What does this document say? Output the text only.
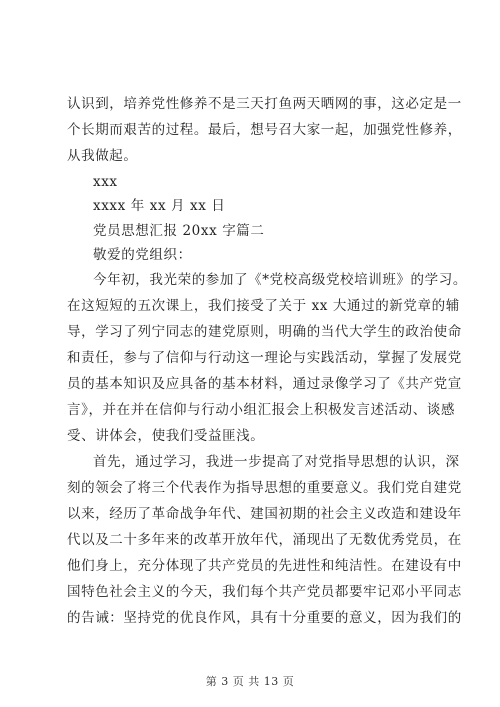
认识到，培养党性修养不是三天打鱼两天晒网的事，这必定是一
个长期而艰苦的过程。最后，想号召大家一起，加强党性修养，
从我做起。
xxx
xxxx 年 xx 月 xx 日
党员思想汇报 20xx 字篇二
敬爱的党组织：
今年初，我光荣的参加了《*党校高级党校培训班》的学习。
在这短短的五次课上，我们接受了关于 xx 大通过的新党章的辅
导，学习了列宁同志的建党原则，明确的当代大学生的政治使命
和责任，参与了信仰与行动这一理论与实践活动，掌握了发展党
员的基本知识及应具备的基本材料，通过录像学习了《共产党宣
言》，并在并在信仰与行动小组汇报会上积极发言述活动、谈感
受、讲体会，使我们受益匪浅。
首先，通过学习，我进一步提高了对党指导思想的认识，深
刻的领会了将三个代表作为指导思想的重要意义。我们党自建党
以来，经历了革命战争年代、建国初期的社会主义改造和建设年
代以及二十多年来的改革开放年代，涌现出了无数优秀党员，在
他们身上，充分体现了共产党员的先进性和纯洁性。在建设有中
国特色社会主义的今天，我们每个共产党员都要牢记邓小平同志
的告诫：坚持党的优良作风，具有十分重要的意义，因为我们的
第 3 页 共 13 页
